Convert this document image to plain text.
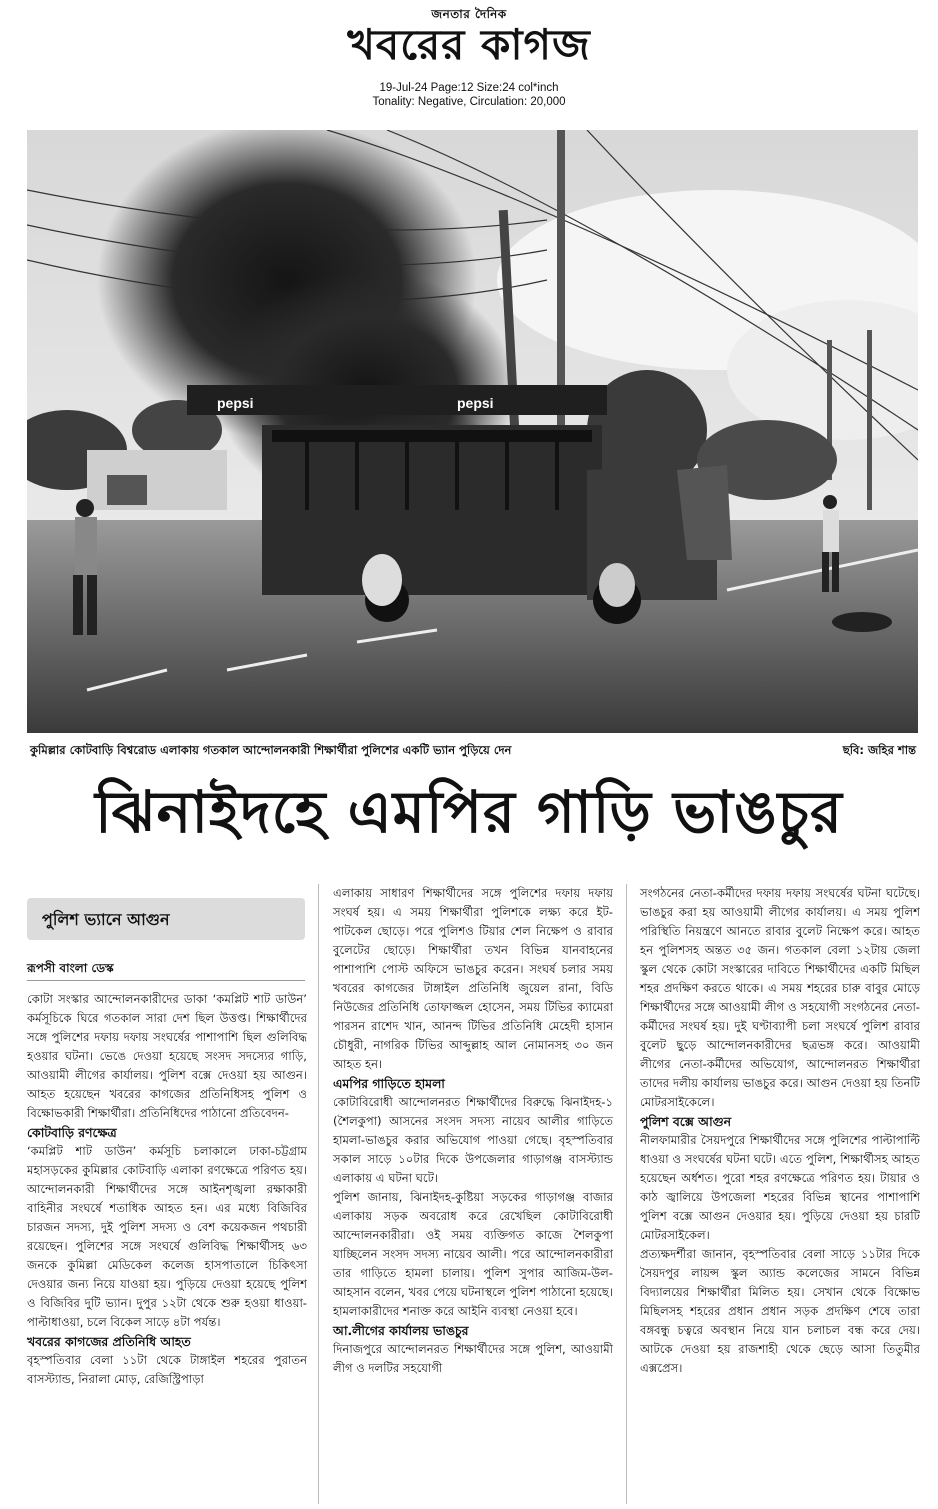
জনতার দৈনিক
খবরের কাগজ
19-Jul-24 Page:12 Size:24 col*inch
Tonality: Negative, Circulation: 20,000
pepsi	pepsi
কুমিল্লার কোটবাড়ি বিশ্বরোড এলাকায় গতকাল আন্দোলনকারী শিক্ষার্থীরা পুলিশের একটি ভ্যান পুড়িয়ে দেন	ছবি: জহির শান্ত
ঝিনাইদহে এমপির গাড়ি ভাঙচুর
পুলিশ ভ্যানে আগুন
রূপসী বাংলা ডেস্ক

কোটা সংস্কার আন্দোলনকারীদের ডাকা ‘কমপ্লিট শাট ডাউন’ কর্মসূচিকে ঘিরে গতকাল সারা দেশ ছিল উত্তপ্ত। শিক্ষার্থীদের সঙ্গে পুলিশের দফায় দফায় সংঘর্ষের পাশাপাশি ছিল গুলিবিদ্ধ হওয়ার ঘটনা। ভেঙে দেওয়া হয়েছে সংসদ সদস্যের গাড়ি, আওয়ামী লীগের কার্যালয়। পুলিশ বক্সে দেওয়া হয় আগুন। আহত হয়েছেন খবরের কাগজের প্রতিনিধিসহ পুলিশ ও বিক্ষোভকারী শিক্ষার্থীরা। প্রতিনিধিদের পাঠানো প্রতিবেদন-

কোটবাড়ি রণক্ষেত্র

‘কমপ্লিট শাট ডাউন’ কর্মসূচি চলাকালে ঢাকা-চট্টগ্রাম মহাসড়কের কুমিল্লার কোটবাড়ি এলাকা রণক্ষেত্রে পরিণত হয়। আন্দোলনকারী শিক্ষার্থীদের সঙ্গে আইনশৃঙ্খলা রক্ষাকারী বাহিনীর সংঘর্ষে শতাধিক আহত হন। এর মধ্যে বিজিবির চারজন সদস্য, দুই পুলিশ সদস্য ও বেশ কয়েকজন পথচারী রয়েছেন। পুলিশের সঙ্গে সংঘর্ষে গুলিবিদ্ধ শিক্ষার্থীসহ ৬৩ জনকে কুমিল্লা মেডিকেল কলেজ হাসপাতালে চিকিৎসা দেওয়ার জন্য নিয়ে যাওয়া হয়। পুড়িয়ে দেওয়া হয়েছে পুলিশ ও বিজিবির দুটি ভ্যান। দুপুর ১২টা থেকে শুরু হওয়া ধাওয়া-পাল্টাধাওয়া, চলে বিকেল সাড়ে ৪টা পর্যন্ত।

খবরের কাগজের প্রতিনিধি আহত

বৃহস্পতিবার বেলা ১১টা থেকে টাঙ্গাইল শহরের পুরাতন বাসস্ট্যান্ড, নিরালা মোড়, রেজিস্ট্রিপাড়া

এলাকায় সাধারণ শিক্ষার্থীদের সঙ্গে পুলিশের দফায় দফায় সংঘর্ষ হয়। এ সময় শিক্ষার্থীরা পুলিশকে লক্ষ্য করে ইট-পাটকেল ছোড়ে। পরে পুলিশও টিয়ার শেল নিক্ষেপ ও রাবার বুলেটের ছোড়ে। শিক্ষার্থীরা তখন বিভিন্ন যানবাহনের পাশাপাশি পোস্ট অফিসে ভাঙচুর করেন। সংঘর্ষ চলার সময় খবরের কাগজের টাঙ্গাইল প্রতিনিধি জুয়েল রানা, বিডি নিউজের প্রতিনিধি তোফাজ্জল হোসেন, সময় টিভির ক্যামেরা পারসন রাশেদ খান, আনন্দ টিভির প্রতিনিধি মেহেদী হাসান চৌধুরী, নাগরিক টিভির আব্দুল্লাহ আল নোমানসহ ৩০ জন আহত হন।

এমপির গাড়িতে হামলা

কোটাবিরোধী আন্দোলনরত শিক্ষার্থীদের বিরুদ্ধে ঝিনাইদহ-১ (শৈলকুপা) আসনের সংসদ সদস্য নায়েব আলীর গাড়িতে হামলা-ভাঙচুর করার অভিযোগ পাওয়া গেছে। বৃহস্পতিবার সকাল সাড়ে ১০টার দিকে উপজেলার গাড়াগঞ্জ বাসস্ট্যান্ড এলাকায় এ ঘটনা ঘটে।

পুলিশ জানায়, ঝিনাইদহ-কুষ্টিয়া সড়কের গাড়াগঞ্জ বাজার এলাকায় সড়ক অবরোধ করে রেখেছিল কোটাবিরোধী আন্দোলনকারীরা। ওই সময় ব্যক্তিগত কাজে শৈলকুপা যাচ্ছিলেন সংসদ সদস্য নায়েব আলী। পরে আন্দোলনকারীরা তার গাড়িতে হামলা চালায়। পুলিশ সুপার আজিম-উল-আহসান বলেন, খবর পেয়ে ঘটনাস্থলে পুলিশ পাঠানো হয়েছে। হামলাকারীদের শনাক্ত করে আইনি ব্যবস্থা নেওয়া হবে।

আ.লীগের কার্যালয় ভাঙচুর

দিনাজপুরে আন্দোলনরত শিক্ষার্থীদের সঙ্গে পুলিশ, আওয়ামী লীগ ও দলটির সহযোগী

সংগঠনের নেতা-কর্মীদের দফায় দফায় সংঘর্ষের ঘটনা ঘটেছে। ভাঙচুর করা হয় আওয়ামী লীগের কার্যালয়। এ সময় পুলিশ পরিস্থিতি নিয়ন্ত্রণে আনতে রাবার বুলেট নিক্ষেপ করে। আহত হন পুলিশসহ অন্তত ৩৫ জন। গতকাল বেলা ১২টায় জেলা স্কুল থেকে কোটা সংস্কারের দাবিতে শিক্ষার্থীদের একটি মিছিল শহর প্রদক্ষিণ করতে থাকে। এ সময় শহরের চারু বাবুর মোড়ে শিক্ষার্থীদের সঙ্গে আওয়ামী লীগ ও সহযোগী সংগঠনের নেতা-কর্মীদের সংঘর্ষ হয়। দুই ঘণ্টাব্যাপী চলা সংঘর্ষে পুলিশ রাবার বুলেট ছুড়ে আন্দোলনকারীদের ছত্রভঙ্গ করে। আওয়ামী লীগের নেতা-কর্মীদের অভিযোগ, আন্দোলনরত শিক্ষার্থীরা তাদের দলীয় কার্যালয় ভাঙচুর করে। আগুন দেওয়া হয় তিনটি মোটরসাইকেলে।

পুলিশ বক্সে আগুন

নীলফামারীর সৈয়দপুরে শিক্ষার্থীদের সঙ্গে পুলিশের পাল্টাপাল্টি ধাওয়া ও সংঘর্ষের ঘটনা ঘটে। এতে পুলিশ, শিক্ষার্থীসহ আহত হয়েছেন অর্ধশত। পুরো শহর রণক্ষেত্রে পরিণত হয়। টায়ার ও কাঠ জ্বালিয়ে উপজেলা শহরের বিভিন্ন স্থানের পাশাপাশি পুলিশ বক্সে আগুন দেওয়ার হয়। পুড়িয়ে দেওয়া হয় চারটি মোটরসাইকেল।

প্রত্যক্ষদর্শীরা জানান, বৃহস্পতিবার বেলা সাড়ে ১১টার দিকে সৈয়দপুর লায়ন্স স্কুল অ্যান্ড কলেজের সামনে বিভিন্ন বিদ্যালয়ের শিক্ষার্থীরা মিলিত হয়। সেখান থেকে বিক্ষোভ মিছিলসহ শহরের প্রধান প্রধান সড়ক প্রদক্ষিণ শেষে তারা বঙ্গবন্ধু চত্বরে অবস্থান নিয়ে যান চলাচল বন্ধ করে দেয়। আটকে দেওয়া হয় রাজশাহী থেকে ছেড়ে আসা তিতুমীর এক্সপ্রেস।
